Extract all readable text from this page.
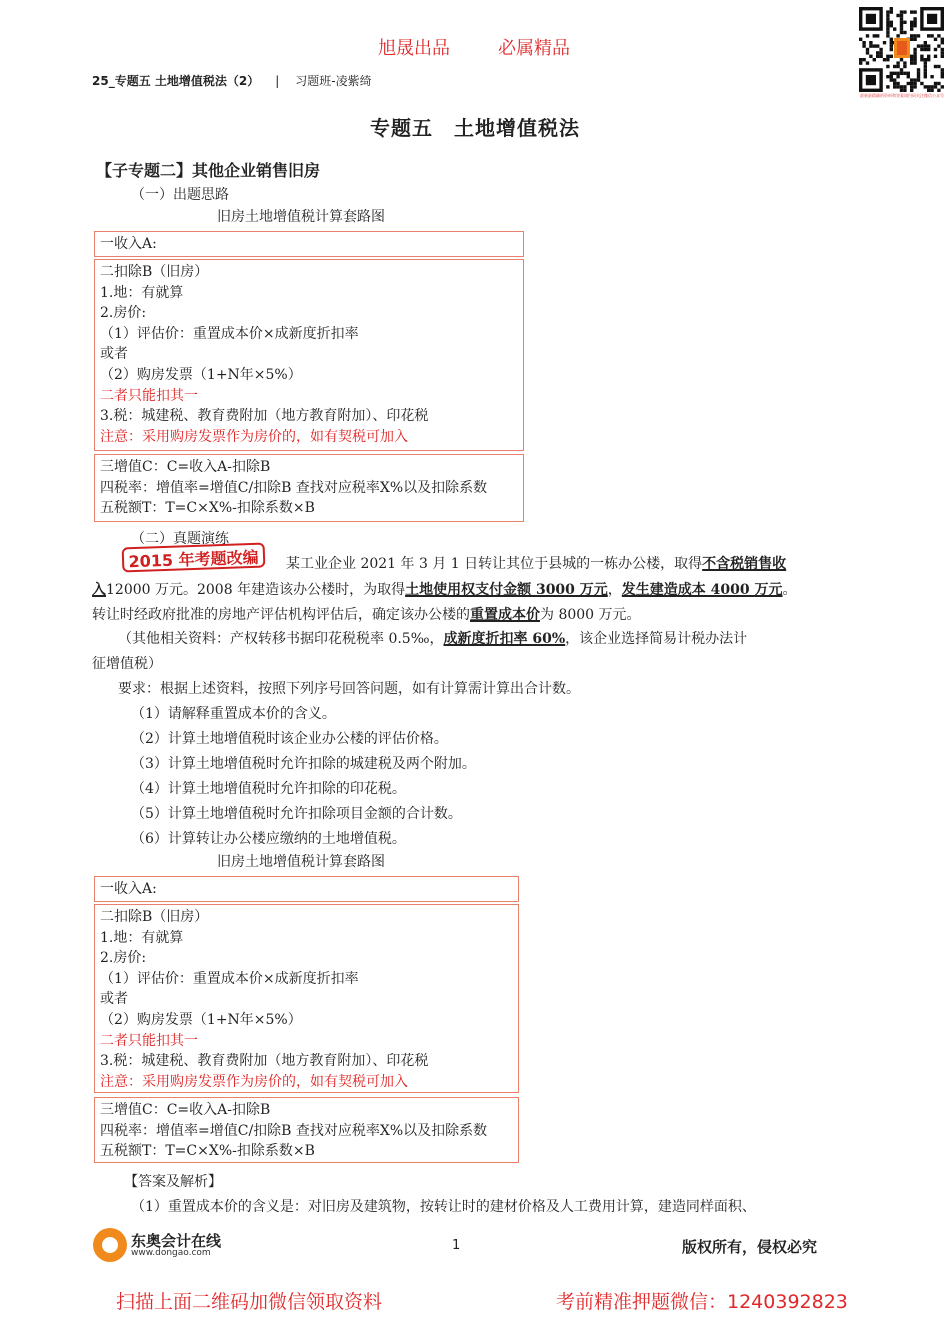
旭晟出品	必属精品
25_专题五 土地增值税法（2） | 习题班-凌紫绮
最新最精确的资料和答案请扫码关注微信公众号
专题五　土地增值税法
【子专题二】其他企业销售旧房
（一）出题思路
旧房土地增值税计算套路图
一收入A:
二扣除B（旧房）
1.地：有就算
2.房价:
（1）评估价：重置成本价×成新度折扣率
或者
（2）购房发票（1+N年×5%）
二者只能扣其一
3.税：城建税、教育费附加（地方教育附加）、印花税
注意：采用购房发票作为房价的，如有契税可加入
三增值C：C=收入A-扣除B
四税率：增值率=增值C/扣除B 查找对应税率X%以及扣除系数
五税额T：T=C×X%-扣除系数×B
（二）真题演练
2015 年考题改编	某工业企业 2021 年 3 月 1 日转让其位于县城的一栋办公楼，取得不含税销售收
入12000 万元。2008 年建造该办公楼时，为取得土地使用权支付金额 3000 万元，发生建造成本 4000 万元。
转让时经政府批准的房地产评估机构评估后，确定该办公楼的重置成本价为 8000 万元。
（其他相关资料：产权转移书据印花税税率 0.5‰，成新度折扣率 60%，该企业选择简易计税办法计
征增值税）
要求：根据上述资料，按照下列序号回答问题，如有计算需计算出合计数。
（1）请解释重置成本价的含义。
（2）计算土地增值税时该企业办公楼的评估价格。
（3）计算土地增值税时允许扣除的城建税及两个附加。
（4）计算土地增值税时允许扣除的印花税。
（5）计算土地增值税时允许扣除项目金额的合计数。
（6）计算转让办公楼应缴纳的土地增值税。
旧房土地增值税计算套路图
一收入A:
二扣除B（旧房）
1.地：有就算
2.房价:
（1）评估价：重置成本价×成新度折扣率
或者
（2）购房发票（1+N年×5%）
二者只能扣其一
3.税：城建税、教育费附加（地方教育附加）、印花税
注意：采用购房发票作为房价的，如有契税可加入
三增值C：C=收入A-扣除B
四税率：增值率=增值C/扣除B 查找对应税率X%以及扣除系数
五税额T：T=C×X%-扣除系数×B
【答案及解析】
（1）重置成本价的含义是：对旧房及建筑物，按转让时的建材价格及人工费用计算，建造同样面积、
东奥会计在线
www.dongao.com	1	版权所有，侵权必究
扫描上面二维码加微信领取资料	考前精准押题微信：1240392823
